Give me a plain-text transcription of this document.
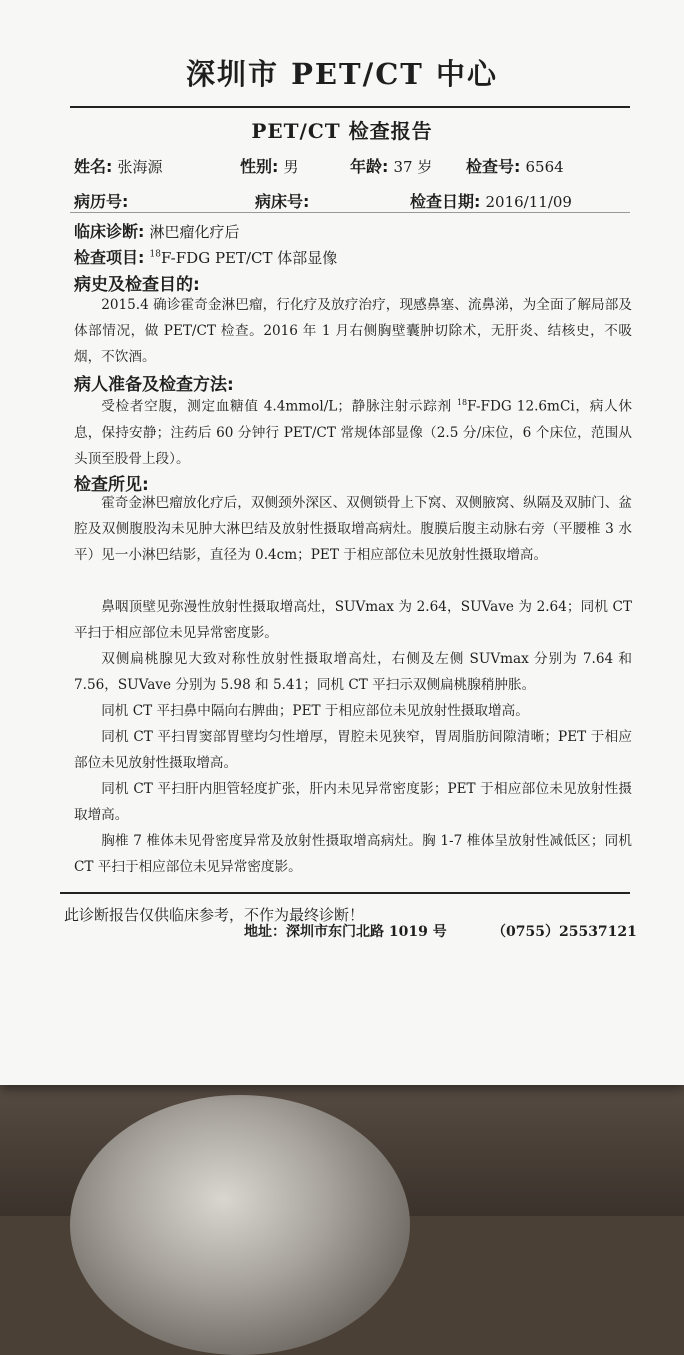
深圳市 PET/CT 中心
PET/CT 检查报告
姓名: 张海源	性别: 男	年龄: 37 岁 检查号: 6564
病历号:	病床号:	检查日期: 2016/11/09
临床诊断: 淋巴瘤化疗后
检查项目: $^{18}$F-FDG PET/CT 体部显像
病史及检查目的:
2015.4 确诊霍奇金淋巴瘤，行化疗及放疗治疗，现感鼻塞、流鼻涕，为全面了解局部及体部情况，做 PET/CT 检查。2016 年 1 月右侧胸壁囊肿切除术，无肝炎、结核史，不吸烟，不饮酒。
病人准备及检查方法:
受检者空腹，测定血糖值 4.4mmol/L；静脉注射示踪剂 $^{18}$F-FDG 12.6mCi，病人休息，保持安静；注药后 60 分钟行 PET/CT 常规体部显像（2.5 分/床位，6 个床位，范围从头顶至股骨上段）。
检查所见:
霍奇金淋巴瘤放化疗后，双侧颈外深区、双侧锁骨上下窝、双侧腋窝、纵隔及双肺门、盆腔及双侧腹股沟未见肿大淋巴结及放射性摄取增高病灶。腹膜后腹主动脉右旁（平腰椎 3 水平）见一小淋巴结影，直径为 0.4cm；PET 于相应部位未见放射性摄取增高。
鼻咽顶壁见弥漫性放射性摄取增高灶，SUVmax 为 2.64，SUVave 为 2.64；同机 CT 平扫于相应部位未见异常密度影。
双侧扁桃腺见大致对称性放射性摄取增高灶，右侧及左侧 SUVmax 分别为 7.64 和 7.56，SUVave 分别为 5.98 和 5.41；同机 CT 平扫示双侧扁桃腺稍肿胀。
同机 CT 平扫鼻中隔向右脾曲；PET 于相应部位未见放射性摄取增高。
同机 CT 平扫胃窦部胃壁均匀性增厚，胃腔未见狭窄，胃周脂肪间隙清晰；PET 于相应部位未见放射性摄取增高。
同机 CT 平扫肝内胆管轻度扩张，肝内未见异常密度影；PET 于相应部位未见放射性摄取增高。
胸椎 7 椎体未见骨密度异常及放射性摄取增高病灶。胸 1-7 椎体呈放射性减低区；同机 CT 平扫于相应部位未见异常密度影。
此诊断报告仅供临床参考，不作为最终诊断！
地址：深圳市东门北路 1019 号	（0755）25537121
